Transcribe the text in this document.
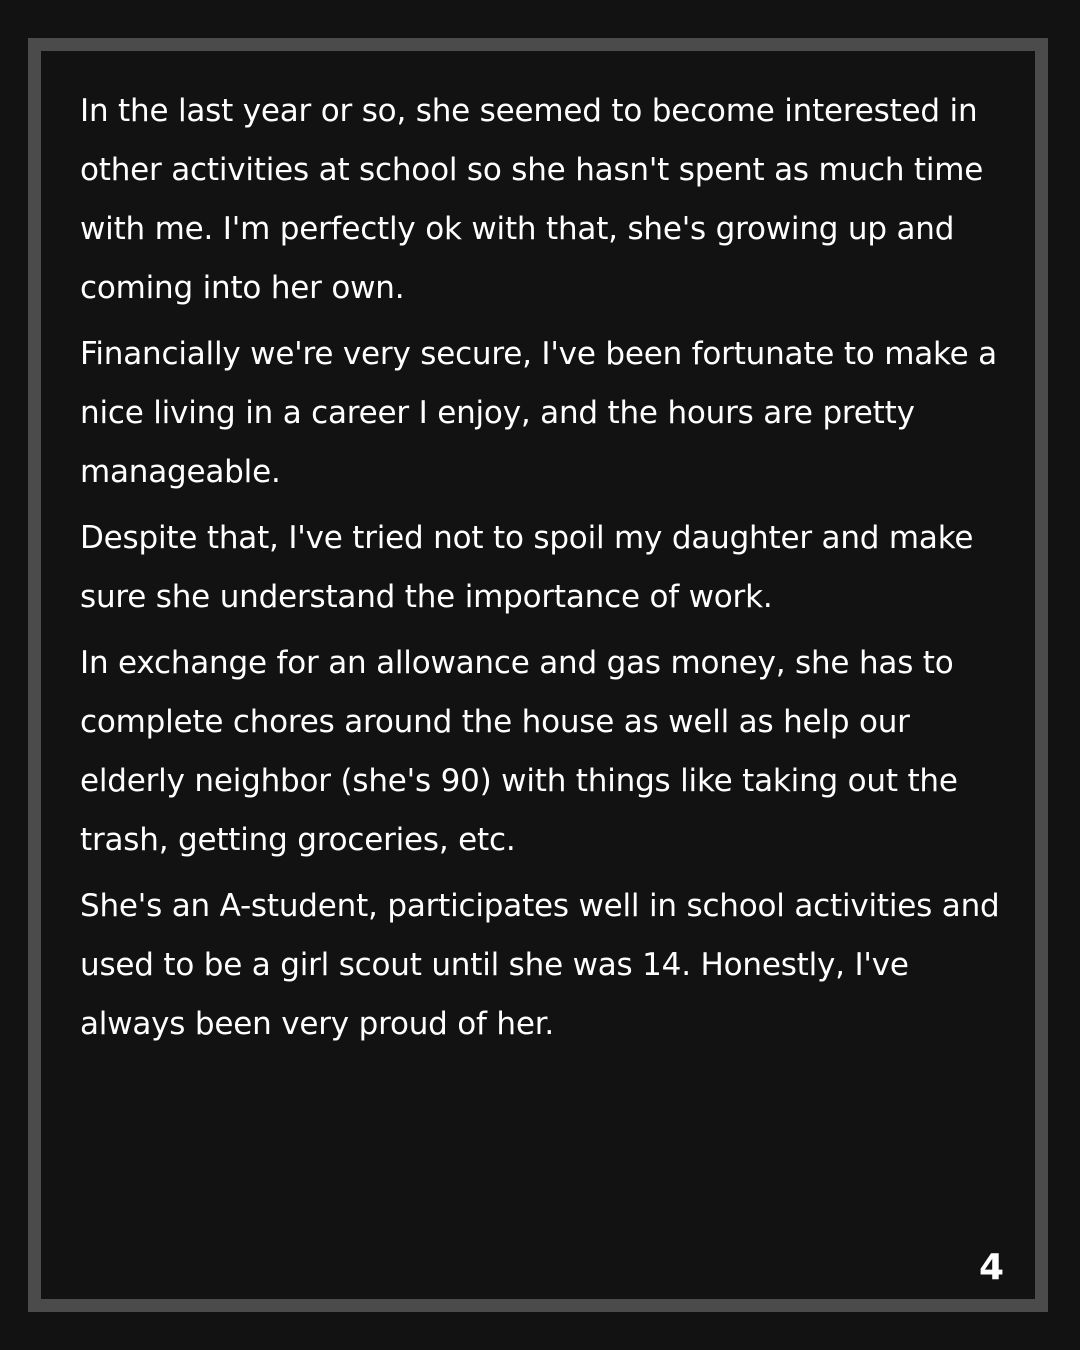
In the last year or so, she seemed to become interested in other activities at school so she hasn't spent as much time with me. I'm perfectly ok with that, she's growing up and coming into her own.

Financially we're very secure, I've been fortunate to make a nice living in a career I enjoy, and the hours are pretty manageable.

Despite that, I've tried not to spoil my daughter and make sure she understand the importance of work.

In exchange for an allowance and gas money, she has to complete chores around the house as well as help our elderly neighbor (she's 90) with things like taking out the trash, getting groceries, etc.

She's an A-student, participates well in school activities and used to be a girl scout until she was 14. Honestly, I've always been very proud of her.

4
